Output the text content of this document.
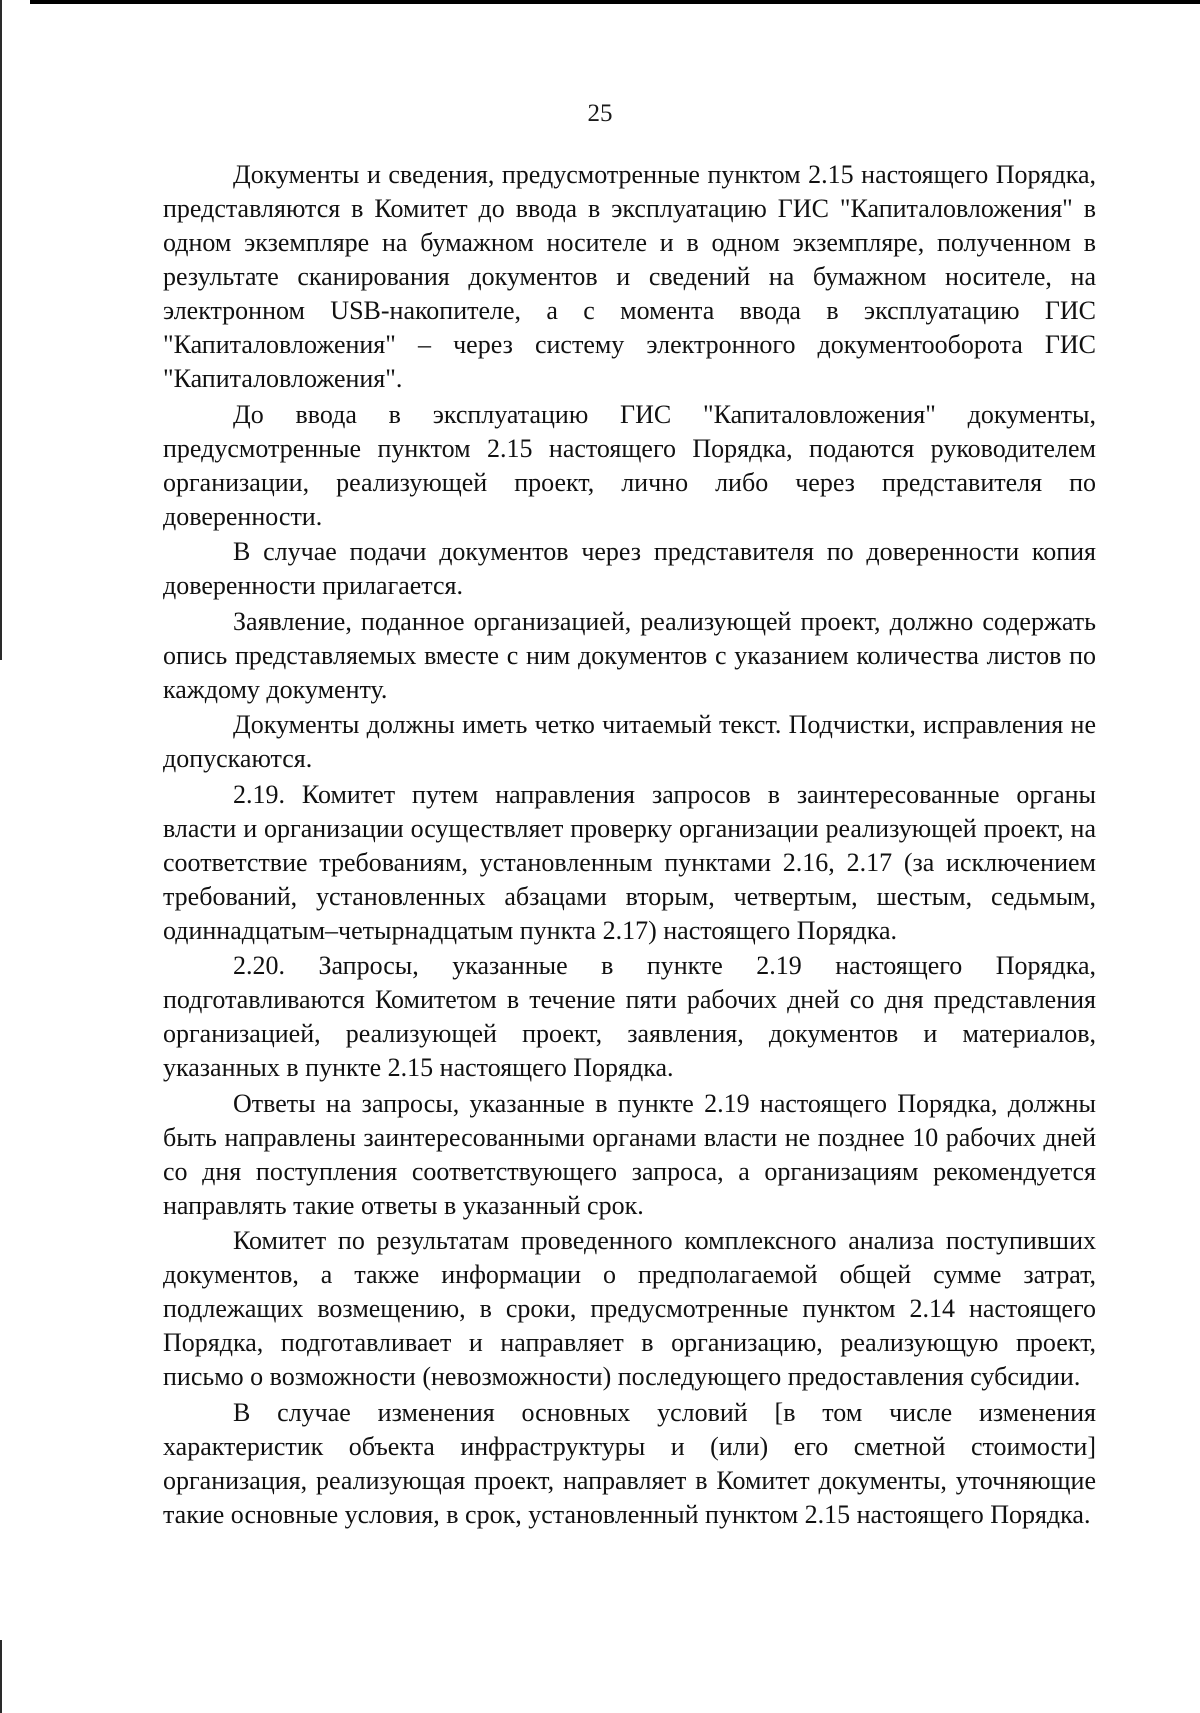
25

Документы и сведения, предусмотренные пунктом 2.15 настоящего Порядка, представляются в Комитет до ввода в эксплуатацию ГИС "Капиталовложения" в одном экземпляре на бумажном носителе и в одном экземпляре, полученном в результате сканирования документов и сведений на бумажном носителе, на электронном USB-накопителе, а с момента ввода в эксплуатацию ГИС "Капиталовложения" – через систему электронного документооборота ГИС "Капиталовложения".

До ввода в эксплуатацию ГИС "Капиталовложения" документы, предусмотренные пунктом 2.15 настоящего Порядка, подаются руководителем организации, реализующей проект, лично либо через представителя по доверенности.

В случае подачи документов через представителя по доверенности копия доверенности прилагается.

Заявление, поданное организацией, реализующей проект, должно содержать опись представляемых вместе с ним документов с указанием количества листов по каждому документу.

Документы должны иметь четко читаемый текст. Подчистки, исправления не допускаются.

2.19. Комитет путем направления запросов в заинтересованные органы власти и организации осуществляет проверку организации реализующей проект, на соответствие требованиям, установленным пунктами 2.16, 2.17 (за исключением требований, установленных абзацами вторым, четвертым, шестым, седьмым, одиннадцатым–четырнадцатым пункта 2.17) настоящего Порядка.

2.20. Запросы, указанные в пункте 2.19 настоящего Порядка, подготавливаются Комитетом в течение пяти рабочих дней со дня представления организацией, реализующей проект, заявления, документов и материалов, указанных в пункте 2.15 настоящего Порядка.

Ответы на запросы, указанные в пункте 2.19 настоящего Порядка, должны быть направлены заинтересованными органами власти не позднее 10 рабочих дней со дня поступления соответствующего запроса, а организациям рекомендуется направлять такие ответы в указанный срок.

Комитет по результатам проведенного комплексного анализа поступивших документов, а также информации о предполагаемой общей сумме затрат, подлежащих возмещению, в сроки, предусмотренные пунктом 2.14 настоящего Порядка, подготавливает и направляет в организацию, реализующую проект, письмо о возможности (невозможности) последующего предоставления субсидии.

В случае изменения основных условий [в том числе изменения характеристик объекта инфраструктуры и (или) его сметной стоимости] организация, реализующая проект, направляет в Комитет документы, уточняющие такие основные условия, в срок, установленный пунктом 2.15 настоящего Порядка.
